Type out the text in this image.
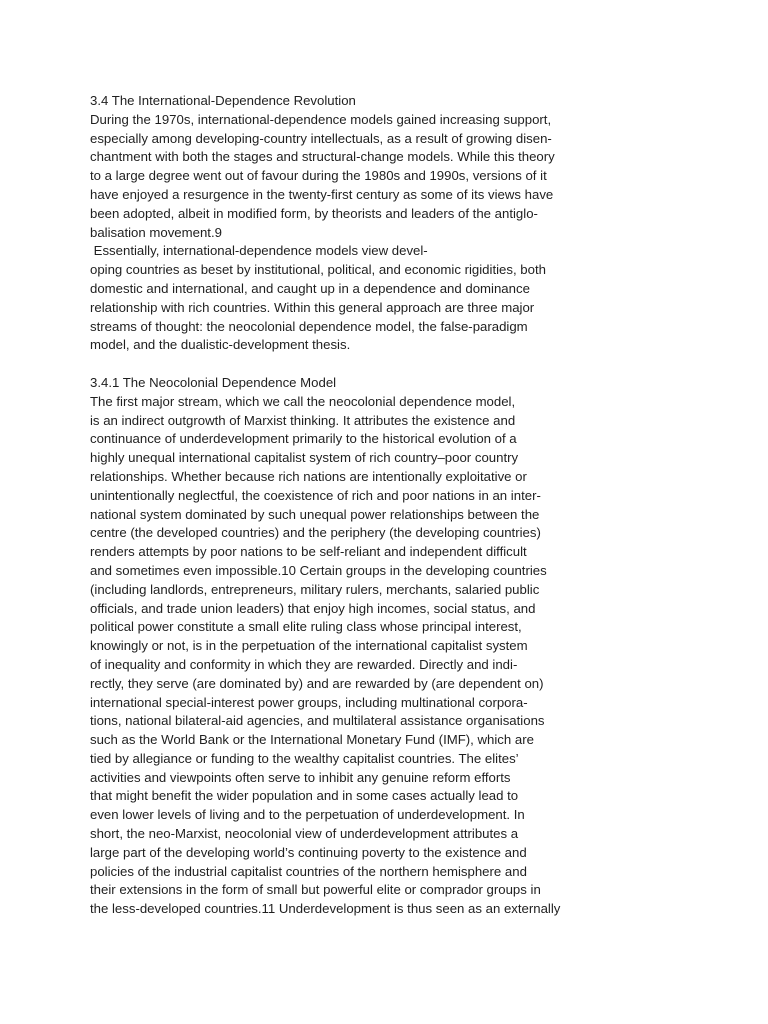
3.4 The International-Dependence Revolution
During the 1970s, international-dependence models gained increasing support,
especially among developing-country intellectuals, as a result of growing disen-
chantment with both the stages and structural-change models. While this theory
to a large degree went out of favour during the 1980s and 1990s, versions of it
have enjoyed a resurgence in the twenty-first century as some of its views have
been adopted, albeit in modified form, by theorists and leaders of the antiglo-
balisation movement.9
Essentially, international-dependence models view devel-
oping countries as beset by institutional, political, and economic rigidities, both
domestic and international, and caught up in a dependence and dominance
relationship with rich countries. Within this general approach are three major
streams of thought: the neocolonial dependence model, the false-paradigm
model, and the dualistic-development thesis.
3.4.1 The Neocolonial Dependence Model
The first major stream, which we call the neocolonial dependence model,
is an indirect outgrowth of Marxist thinking. It attributes the existence and
continuance of underdevelopment primarily to the historical evolution of a
highly unequal international capitalist system of rich country–poor country
relationships. Whether because rich nations are intentionally exploitative or
unintentionally neglectful, the coexistence of rich and poor nations in an inter-
national system dominated by such unequal power relationships between the
centre (the developed countries) and the periphery (the developing countries)
renders attempts by poor nations to be self-reliant and independent difficult
and sometimes even impossible.10 Certain groups in the developing countries
(including landlords, entrepreneurs, military rulers, merchants, salaried public
officials, and trade union leaders) that enjoy high incomes, social status, and
political power constitute a small elite ruling class whose principal interest,
knowingly or not, is in the perpetuation of the international capitalist system
of inequality and conformity in which they are rewarded. Directly and indi-
rectly, they serve (are dominated by) and are rewarded by (are dependent on)
international special-interest power groups, including multinational corpora-
tions, national bilateral-aid agencies, and multilateral assistance organisations
such as the World Bank or the International Monetary Fund (IMF), which are
tied by allegiance or funding to the wealthy capitalist countries. The elites’
activities and viewpoints often serve to inhibit any genuine reform efforts
that might benefit the wider population and in some cases actually lead to
even lower levels of living and to the perpetuation of underdevelopment. In
short, the neo-Marxist, neocolonial view of underdevelopment attributes a
large part of the developing world’s continuing poverty to the existence and
policies of the industrial capitalist countries of the northern hemisphere and
their extensions in the form of small but powerful elite or comprador groups in
the less-developed countries.11 Underdevelopment is thus seen as an externally
